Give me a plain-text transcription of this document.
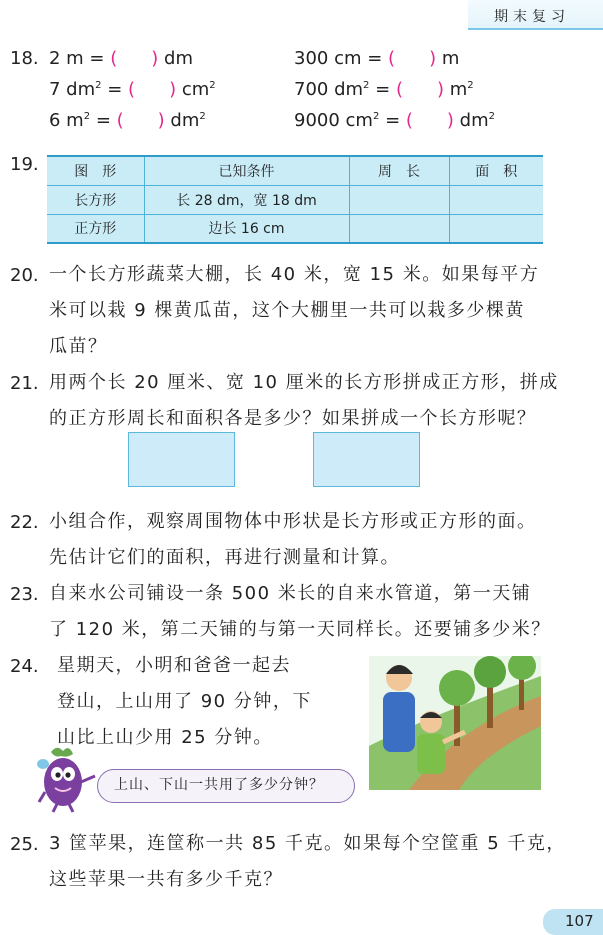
期末复习
18. 2 m = ( ) dm
7 $dm^2$ = ( ) $cm^2$
6 $m^2$ = ( ) $dm^2$
300 cm = ( ) m
700 $dm^2$ = ( ) $m^2$
9000 $cm^2$ = ( ) $dm^2$
19.	图　形	已知条件	周　长	面　积
长方形	长 28 dm，宽 18 dm		
正方形	边长 16 cm		
20. 一个长方形蔬菜大棚，长 40 米，宽 15 米。如果每平方
米可以栽 9 棵黄瓜苗，这个大棚里一共可以栽多少棵黄
瓜苗？
21. 用两个长 20 厘米、宽 10 厘米的长方形拼成正方形，拼成
的正方形周长和面积各是多少？如果拼成一个长方形呢？
22. 小组合作，观察周围物体中形状是长方形或正方形的面。
先估计它们的面积，再进行测量和计算。
23. 自来水公司铺设一条 500 米长的自来水管道，第一天铺
了 120 米，第二天铺的与第一天同样长。还要铺多少米？
24. 星期天，小明和爸爸一起去
登山，上山用了 90 分钟，下
山比上山少用 25 分钟。
上山、下山一共用了多少分钟？
25. 3 筐苹果，连筐称一共 85 千克。如果每个空筐重 5 千克，
这些苹果一共有多少千克？
107
